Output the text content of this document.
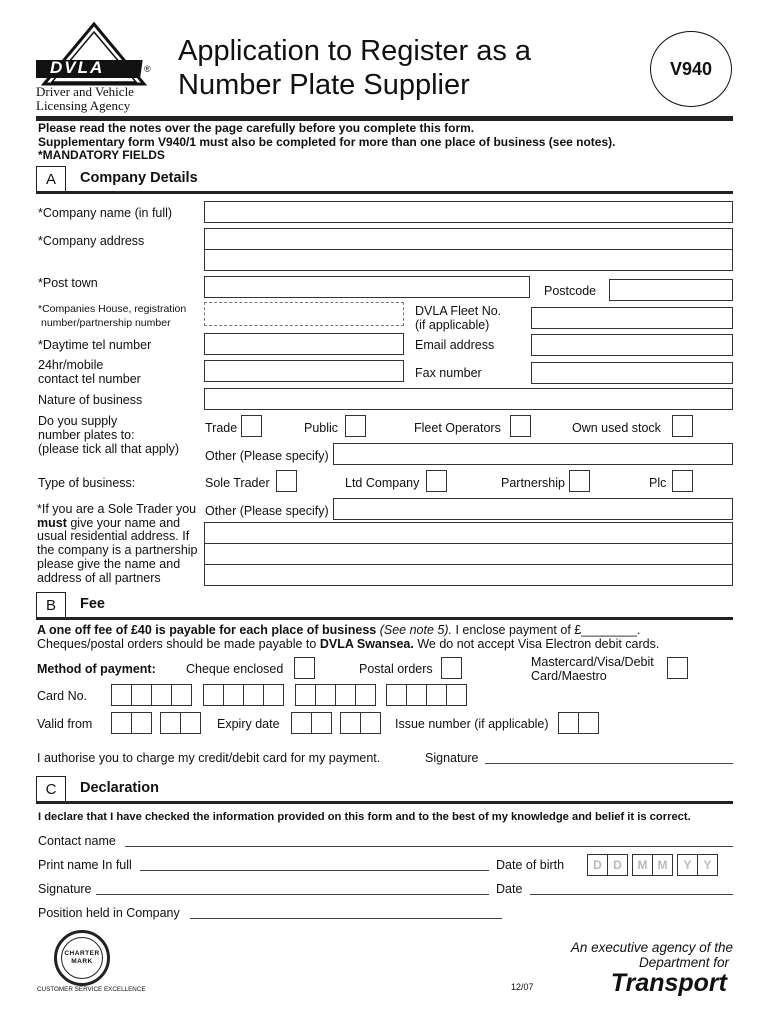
DVLA	®
Driver and Vehicle
Licensing Agency
Application to Register as a
Number Plate Supplier	V940
Please read the notes over the page carefully before you complete this form.
Supplementary form V940/1 must also be completed for more than one place of business (see notes).
*MANDATORY FIELDS
A	Company Details
*Company name (in full)
*Company address
*Post town
Postcode
*Companies House, registration
number/partnership number
DVLA Fleet No.
(if applicable)
*Daytime tel number	Email address
24hr/mobile
contact tel number	Fax number
Nature of business
Do you supply
number plates to:
(please tick all that apply)
Trade	Public	Fleet Operators	Own used stock
Other (Please specify)
Type of business:	Sole Trader	Ltd Company	Partnership	Plc
*If you are a Sole Trader you
must give your name and
usual residential address. If
the company is a partnership
please give the name and
address of all partners
Other (Please specify)
B	Fee
A one off fee of £40 is payable for each place of business (See note 5). I enclose payment of £________.
Cheques/postal orders should be made payable to DVLA Swansea. We do not accept Visa Electron debit cards.
Method of payment: Cheque enclosed	Postal orders	Mastercard/Visa/Debit
Card/Maestro
Card No.
Valid from	Expiry date	Issue number (if applicable)
I authorise you to charge my credit/debit card for my payment.	Signature
C	Declaration
I declare that I have checked the information provided on this form and to the best of my knowledge and belief it is correct.
Contact name
Print name In full	Date of birth	D D	M M	Y Y
Signature	Date
Position held in Company
CHARTER MARK
CUSTOMER SERVICE EXCELLENCE	12/07
An executive agency of the
Department for
Transport
